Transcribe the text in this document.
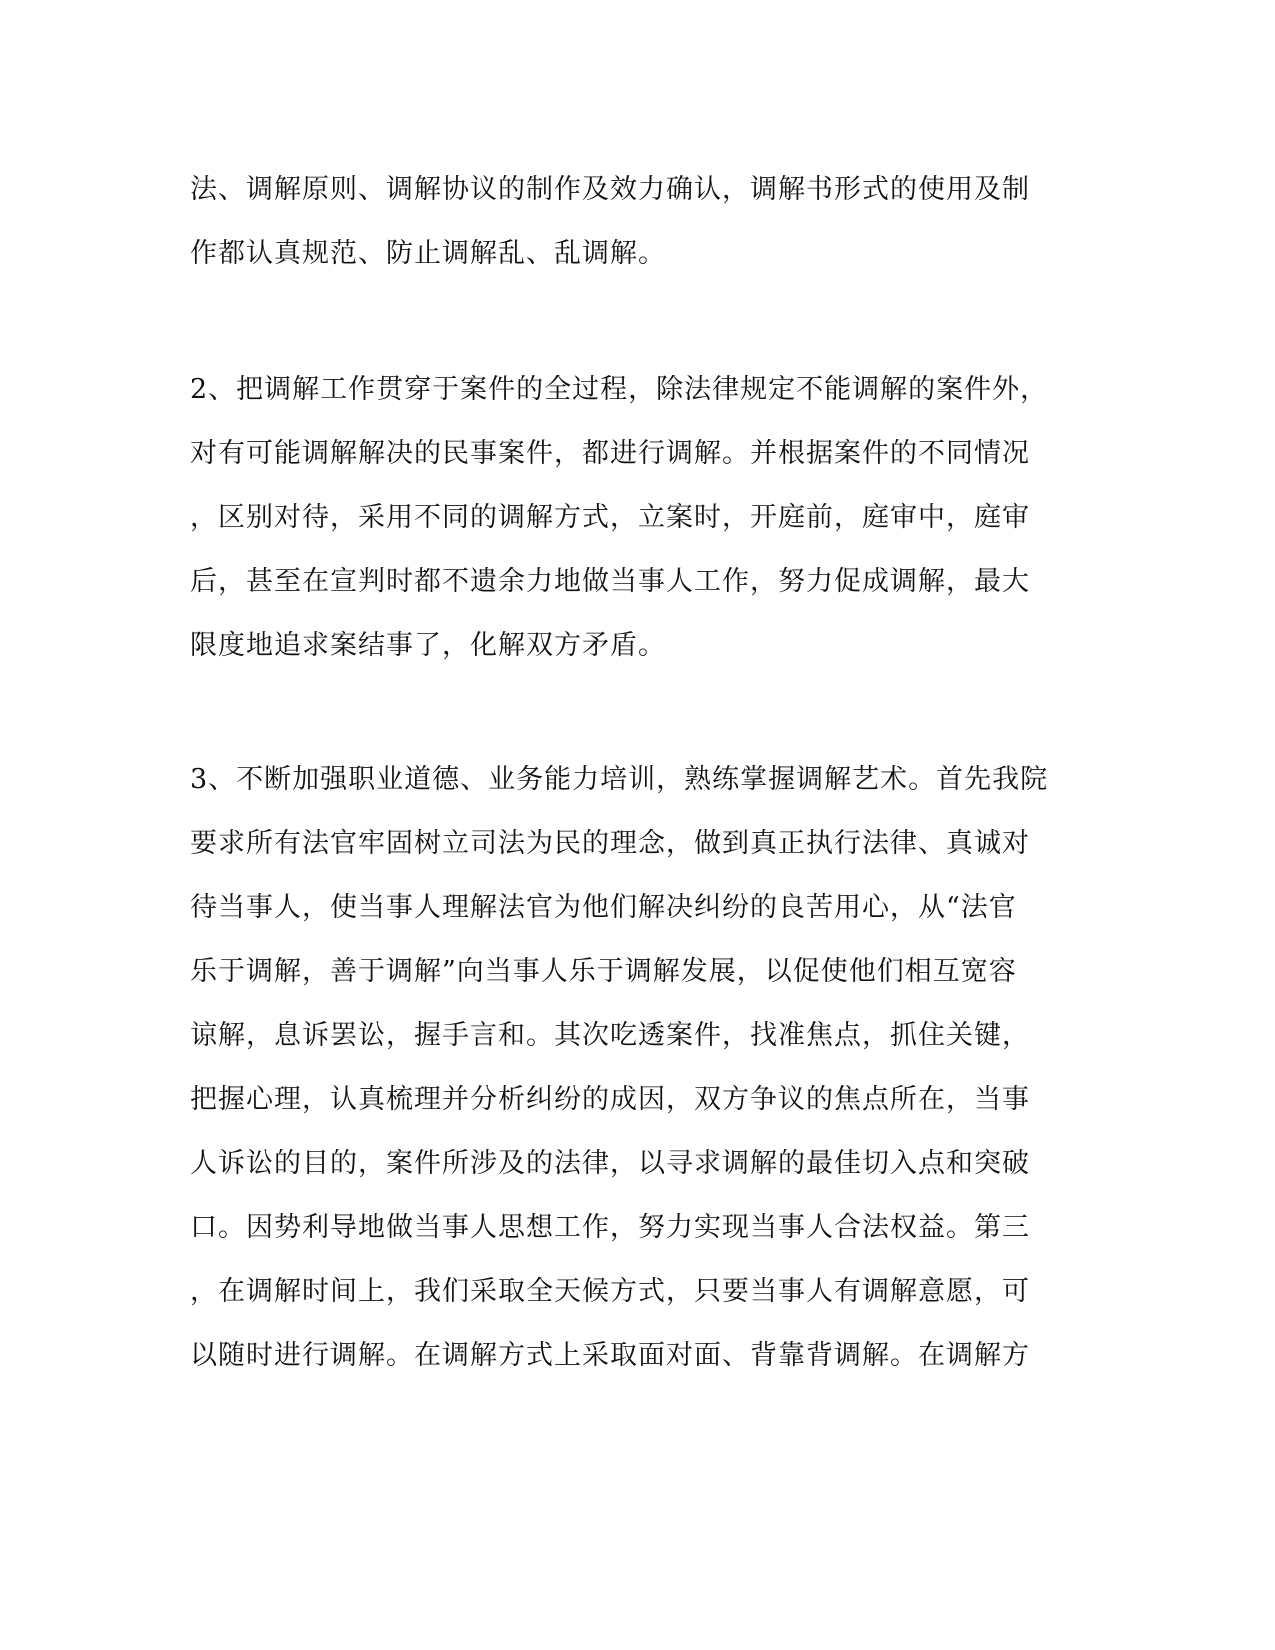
法、调解原则、调解协议的制作及效力确认，调解书形式的使用及制
作都认真规范、防止调解乱、乱调解。
2、把调解工作贯穿于案件的全过程，除法律规定不能调解的案件外，
对有可能调解解决的民事案件，都进行调解。并根据案件的不同情况
，区别对待，采用不同的调解方式，立案时，开庭前，庭审中，庭审
后，甚至在宣判时都不遗余力地做当事人工作，努力促成调解，最大
限度地追求案结事了，化解双方矛盾。
3、不断加强职业道德、业务能力培训，熟练掌握调解艺术。首先我院
要求所有法官牢固树立司法为民的理念，做到真正执行法律、真诚对
待当事人，使当事人理解法官为他们解决纠纷的良苦用心，从“法官
乐于调解，善于调解”向当事人乐于调解发展，以促使他们相互宽容
谅解，息诉罢讼，握手言和。其次吃透案件，找准焦点，抓住关键，
把握心理，认真梳理并分析纠纷的成因，双方争议的焦点所在，当事
人诉讼的目的，案件所涉及的法律，以寻求调解的最佳切入点和突破
口。因势利导地做当事人思想工作，努力实现当事人合法权益。第三
，在调解时间上，我们采取全天候方式，只要当事人有调解意愿，可
以随时进行调解。在调解方式上采取面对面、背靠背调解。在调解方
